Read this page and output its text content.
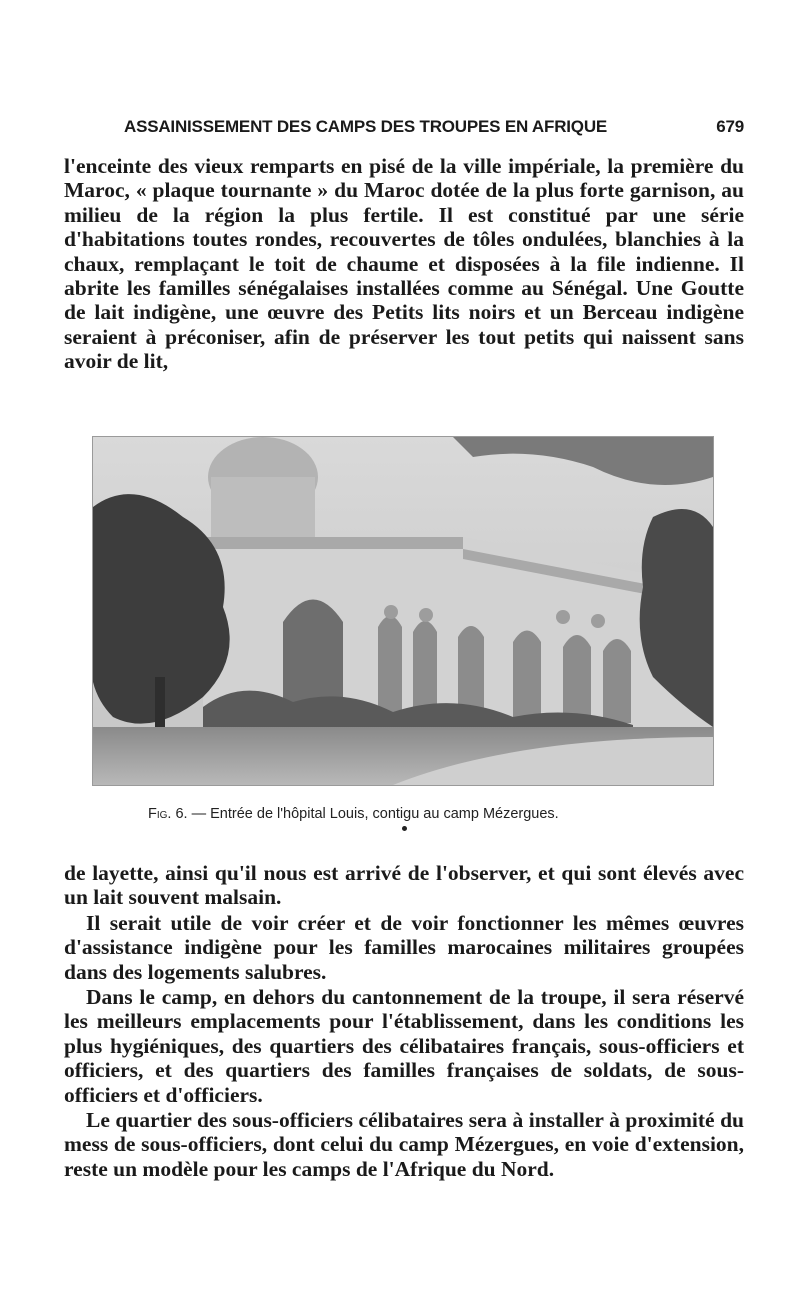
ASSAINISSEMENT DES CAMPS DES TROUPES EN AFRIQUE	679

l'enceinte des vieux remparts en pisé de la ville impériale, la première du Maroc, « plaque tournante » du Maroc dotée de la plus forte garnison, au milieu de la région la plus fertile. Il est constitué par une série d'habitations toutes rondes, recouvertes de tôles ondulées, blanchies à la chaux, remplaçant le toit de chaume et disposées à la file indienne. Il abrite les familles sénégalaises installées comme au Sénégal. Une Goutte de lait indigène, une œuvre des Petits lits noirs et un Berceau indigène seraient à préconiser, afin de préserver les tout petits qui naissent sans avoir de lit,

Fig. 6. — Entrée de l'hôpital Louis, contigu au camp Mézergues.

de layette, ainsi qu'il nous est arrivé de l'observer, et qui sont élevés avec un lait souvent malsain.

Il serait utile de voir créer et de voir fonctionner les mêmes œuvres d'assistance indigène pour les familles marocaines militaires groupées dans des logements salubres.

Dans le camp, en dehors du cantonnement de la troupe, il sera réservé les meilleurs emplacements pour l'établissement, dans les conditions les plus hygiéniques, des quartiers des célibataires français, sous-officiers et officiers, et des quartiers des familles françaises de soldats, de sous-officiers et d'officiers.

Le quartier des sous-officiers célibataires sera à installer à proximité du mess de sous-officiers, dont celui du camp Mézergues, en voie d'extension, reste un modèle pour les camps de l'Afrique du Nord.
